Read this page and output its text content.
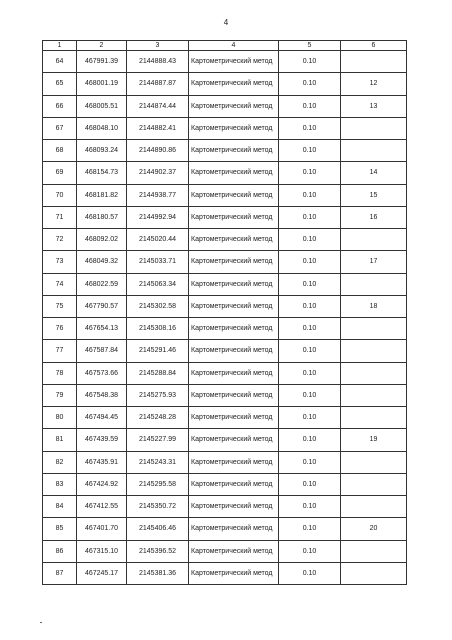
4
1	2	3	4	5	6
64	467991.39	2144888.43	Картометрический метод	0.10	
65	468001.19	2144887.87	Картометрический метод	0.10	12
66	468005.51	2144874.44	Картометрический метод	0.10	13
67	468048.10	2144882.41	Картометрический метод	0.10	
68	468093.24	2144890.86	Картометрический метод	0.10	
69	468154.73	2144902.37	Картометрический метод	0.10	14
70	468181.82	2144938.77	Картометрический метод	0.10	15
71	468180.57	2144992.94	Картометрический метод	0.10	16
72	468092.02	2145020.44	Картометрический метод	0.10	
73	468049.32	2145033.71	Картометрический метод	0.10	17
74	468022.59	2145063.34	Картометрический метод	0.10	
75	467790.57	2145302.58	Картометрический метод	0.10	18
76	467654.13	2145308.16	Картометрический метод	0.10	
77	467587.84	2145291.46	Картометрический метод	0.10	
78	467573.66	2145288.84	Картометрический метод	0.10	
79	467548.38	2145275.93	Картометрический метод	0.10	
80	467494.45	2145248.28	Картометрический метод	0.10	
81	467439.59	2145227.99	Картометрический метод	0.10	19
82	467435.91	2145243.31	Картометрический метод	0.10	
83	467424.92	2145295.58	Картометрический метод	0.10	
84	467412.55	2145350.72	Картометрический метод	0.10	
85	467401.70	2145406.46	Картометрический метод	0.10	20
86	467315.10	2145396.52	Картометрический метод	0.10	
87	467245.17	2145381.36	Картометрический метод	0.10	
